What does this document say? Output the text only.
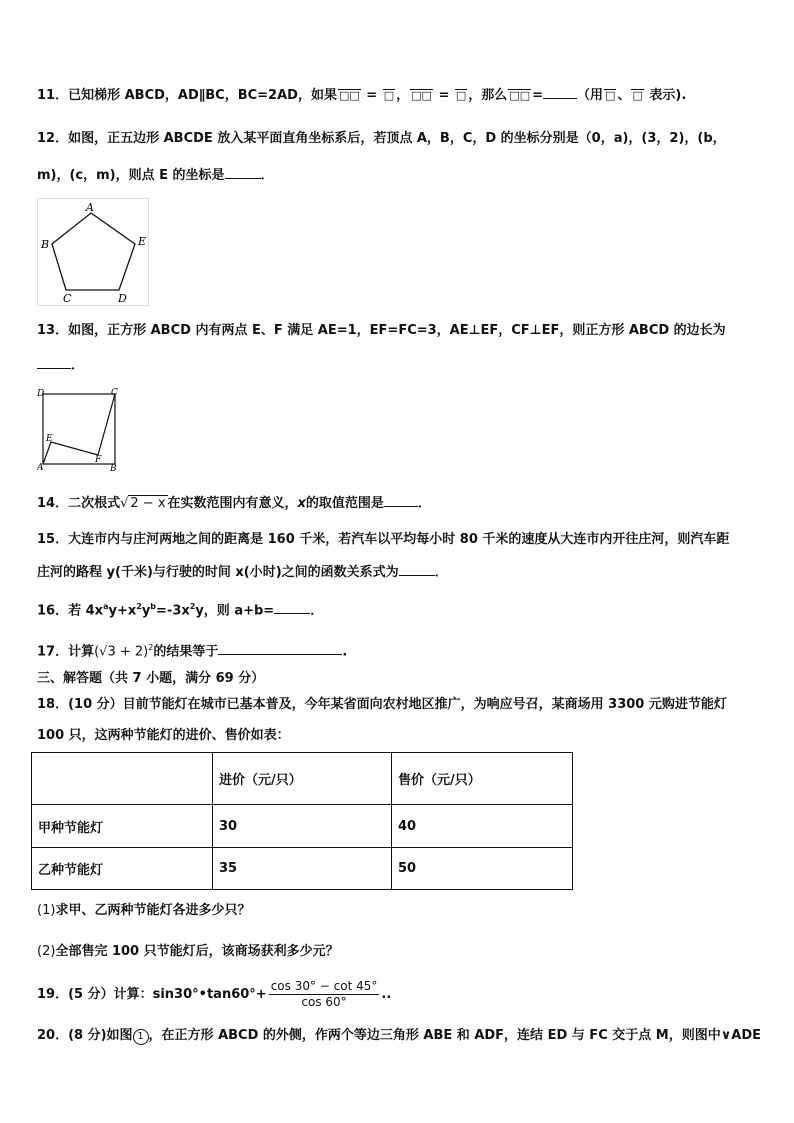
11．已知梯形 ABCD，AD∥BC，BC=2AD，如果 □□ = □ ， □□ = □ ，那么 □□ =	（用 □ 、 □ 表示).
12．如图，正五边形 ABCDE 放入某平面直角坐标系后，若顶点 A，B，C，D 的坐标分别是（0，a)，(3，2)，(b，
m)，(c，m)，则点 E 的坐标是	．
A
B
C	D
E
13．如图，正方形 ABCD 内有两点 E、F 满足 AE=1，EF=FC=3，AE⊥EF，CF⊥EF，则正方形 ABCD 的边长为
．
D	C
A	B
E
F
14．二次根式√ 2 − x 在实数范围内有意义，x的取值范围是	．
15．大连市内与庄河两地之间的距离是 160 千米，若汽车以平均每小时 80 千米的速度从大连市内开往庄河，则汽车距
庄河的路程 y(千米)与行驶的时间 x(小时)之间的函数关系式为	．
16．若 $4x^ay+x^2y^b=-3x^2y$，则 a+b=	．
17．计算$(√3 + 2)^2$的结果等于	.
三、解答题（共 7 小题，满分 69 分）
18．(10 分）目前节能灯在城市已基本普及，今年某省面向农村地区推广，为响应号召，某商场用 3300 元购进节能灯
100 只，这两种节能灯的进价、售价如表：
	进价（元/只）	售价（元/只）
甲种节能灯	30	40
乙种节能灯	35	50
(1)求甲、乙两种节能灯各进多少只？
(2)全部售完 100 只节能灯后，该商场获利多少元？
19．(5 分）计算：sin30°•tan60°+ $\frac{\cos 30^\circ - \cot 45^\circ}{\cos 60^\circ}$ ..
20．(8 分)如图 1 ，在正方形 ABCD 的外侧，作两个等边三角形 ABE 和 ADF，连结 ED 与 FC 交于点 M，则图中∨ADE
